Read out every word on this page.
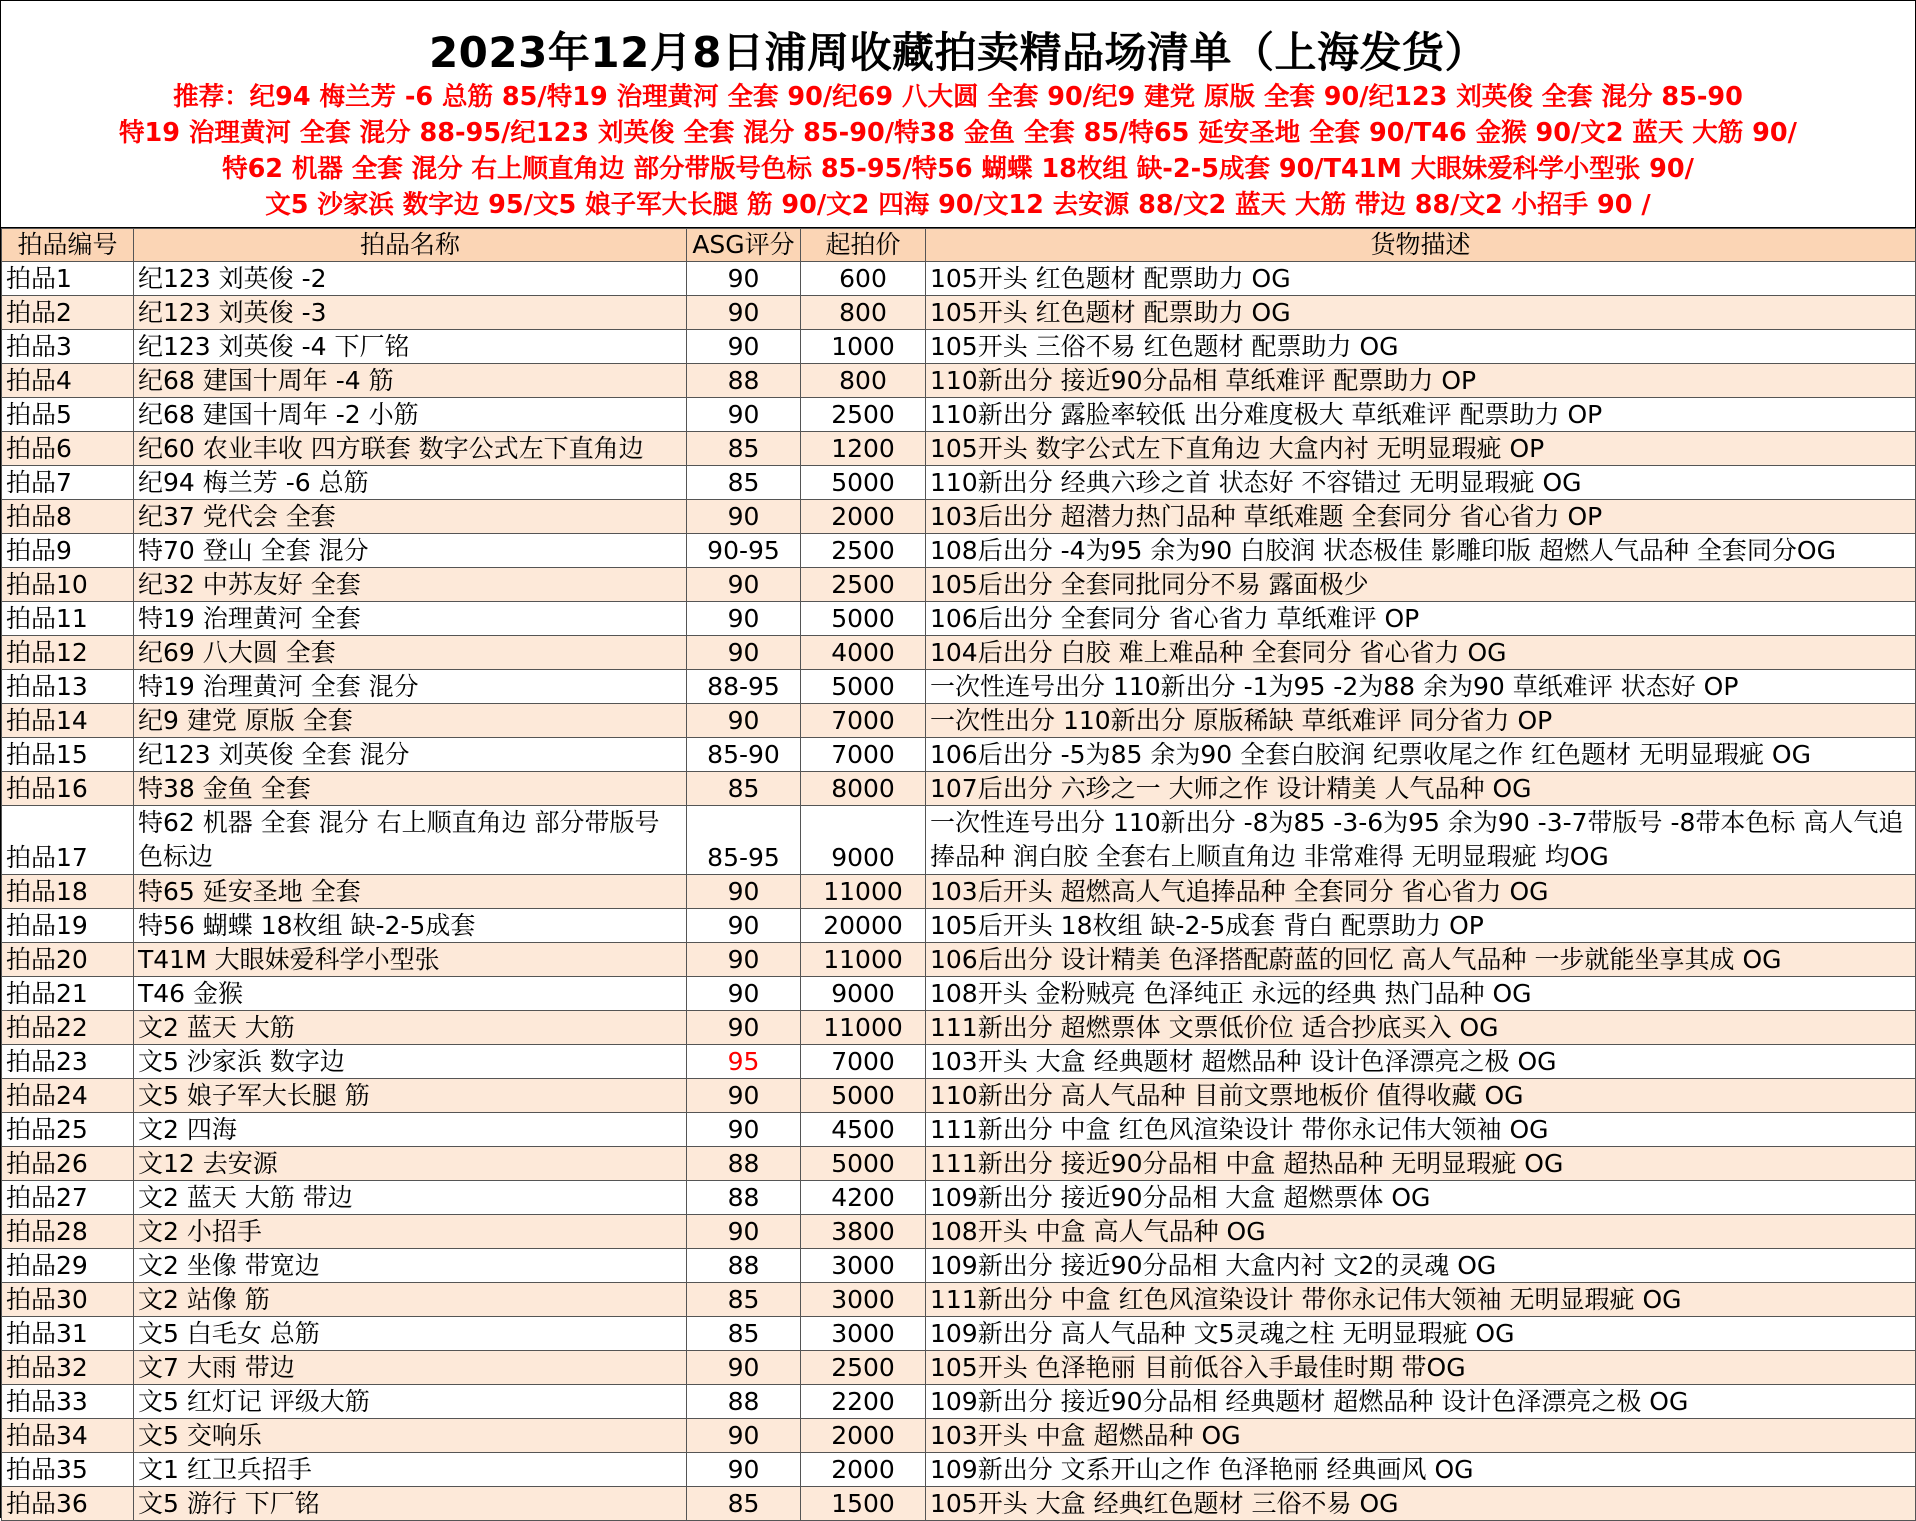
2023年12月8日浦周收藏拍卖精品场清单（上海发货）
推荐：纪94 梅兰芳 -6 总筋 85/特19 治理黄河 全套 90/纪69 八大圆 全套 90/纪9 建党 原版 全套 90/纪123 刘英俊 全套 混分 85-90
特19 治理黄河 全套 混分 88-95/纪123 刘英俊 全套 混分 85-90/特38 金鱼 全套 85/特65 延安圣地 全套 90/T46 金猴 90/文2 蓝天 大筋 90/
特62 机器 全套 混分 右上顺直角边 部分带版号色标 85-95/特56 蝴蝶 18枚组 缺-2-5成套 90/T41M 大眼妹爱科学小型张 90/
文5 沙家浜 数字边 95/文5 娘子军大长腿 筋 90/文2 四海 90/文12 去安源 88/文2 蓝天 大筋 带边 88/文2 小招手 90 /
拍品编号	拍品名称	ASG评分	起拍价	货物描述
拍品1	纪123 刘英俊 -2	90	600	105开头 红色题材 配票助力 OG
拍品2	纪123 刘英俊 -3	90	800	105开头 红色题材 配票助力 OG
拍品3	纪123 刘英俊 -4 下厂铭	90	1000	105开头 三俗不易 红色题材 配票助力 OG
拍品4	纪68 建国十周年 -4 筋	88	800	110新出分 接近90分品相 草纸难评 配票助力 OP
拍品5	纪68 建国十周年 -2 小筋	90	2500	110新出分 露脸率较低 出分难度极大 草纸难评 配票助力 OP
拍品6	纪60 农业丰收 四方联套 数字公式左下直角边	85	1200	105开头 数字公式左下直角边 大盒内衬 无明显瑕疵 OP
拍品7	纪94 梅兰芳 -6 总筋	85	5000	110新出分 经典六珍之首 状态好 不容错过 无明显瑕疵 OG
拍品8	纪37 党代会 全套	90	2000	103后出分 超潜力热门品种 草纸难题 全套同分 省心省力 OP
拍品9	特70 登山 全套 混分	90-95	2500	108后出分 -4为95 余为90 白胶润 状态极佳 影雕印版 超燃人气品种 全套同分OG
拍品10	纪32 中苏友好 全套	90	2500	105后出分 全套同批同分不易 露面极少
拍品11	特19 治理黄河 全套	90	5000	106后出分 全套同分 省心省力 草纸难评 OP
拍品12	纪69 八大圆 全套	90	4000	104后出分 白胶 难上难品种 全套同分 省心省力 OG
拍品13	特19 治理黄河 全套 混分	88-95	5000	一次性连号出分 110新出分 -1为95 -2为88 余为90 草纸难评 状态好 OP
拍品14	纪9 建党 原版 全套	90	7000	一次性出分 110新出分 原版稀缺 草纸难评 同分省力 OP
拍品15	纪123 刘英俊 全套 混分	85-90	7000	106后出分 -5为85 余为90 全套白胶润 纪票收尾之作 红色题材 无明显瑕疵 OG
拍品16	特38 金鱼 全套	85	8000	107后出分 六珍之一 大师之作 设计精美 人气品种 OG
拍品17	特62 机器 全套 混分 右上顺直角边 部分带版号色标边	85-95	9000	一次性连号出分 110新出分 -8为85 -3-6为95 余为90 -3-7带版号 -8带本色标 高人气追捧品种 润白胶 全套右上顺直角边 非常难得 无明显瑕疵 均OG
拍品18	特65 延安圣地 全套	90	11000	103后开头 超燃高人气追捧品种 全套同分 省心省力 OG
拍品19	特56 蝴蝶 18枚组 缺-2-5成套	90	20000	105后开头 18枚组 缺-2-5成套 背白 配票助力 OP
拍品20	T41M 大眼妹爱科学小型张	90	11000	106后出分 设计精美 色泽搭配蔚蓝的回忆 高人气品种 一步就能坐享其成 OG
拍品21	T46 金猴	90	9000	108开头 金粉贼亮 色泽纯正 永远的经典 热门品种 OG
拍品22	文2 蓝天 大筋	90	11000	111新出分 超燃票体 文票低价位 适合抄底买入 OG
拍品23	文5 沙家浜 数字边	95	7000	103开头 大盒 经典题材 超燃品种 设计色泽漂亮之极 OG
拍品24	文5 娘子军大长腿 筋	90	5000	110新出分 高人气品种 目前文票地板价 值得收藏 OG
拍品25	文2 四海	90	4500	111新出分 中盒 红色风渲染设计 带你永记伟大领袖 OG
拍品26	文12 去安源	88	5000	111新出分 接近90分品相 中盒 超热品种 无明显瑕疵 OG
拍品27	文2 蓝天 大筋 带边	88	4200	109新出分 接近90分品相 大盒 超燃票体 OG
拍品28	文2 小招手	90	3800	108开头 中盒 高人气品种 OG
拍品29	文2 坐像 带宽边	88	3000	109新出分 接近90分品相 大盒内衬 文2的灵魂 OG
拍品30	文2 站像 筋	85	3000	111新出分 中盒 红色风渲染设计 带你永记伟大领袖 无明显瑕疵 OG
拍品31	文5 白毛女 总筋	85	3000	109新出分 高人气品种 文5灵魂之柱 无明显瑕疵 OG
拍品32	文7 大雨 带边	90	2500	105开头 色泽艳丽 目前低谷入手最佳时期 带OG
拍品33	文5 红灯记 评级大筋	88	2200	109新出分 接近90分品相 经典题材 超燃品种 设计色泽漂亮之极 OG
拍品34	文5 交响乐	90	2000	103开头 中盒 超燃品种 OG
拍品35	文1 红卫兵招手	90	2000	109新出分 文系开山之作 色泽艳丽 经典画风 OG
拍品36	文5 游行 下厂铭	85	1500	105开头 大盒 经典红色题材 三俗不易 OG
